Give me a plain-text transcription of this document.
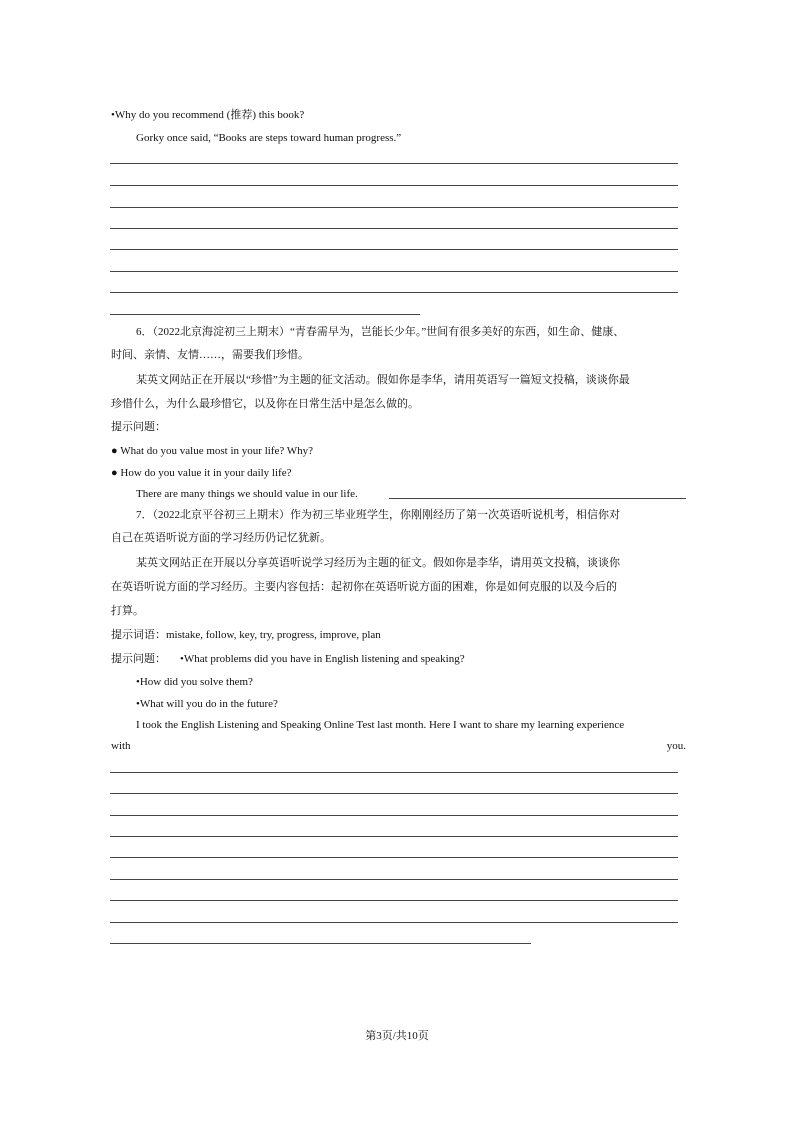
•Why do you recommend (推荐) this book?
Gorky once said, “Books are steps toward human progress.”
6．（2022北京海淀初三上期末）“青春需早为，岂能长少年。”世间有很多美好的东西，如生命、健康、
时间、亲情、友情……，需要我们珍惜。
某英文网站正在开展以“珍惜”为主题的征文活动。假如你是李华，请用英语写一篇短文投稿，谈谈你最
珍惜什么，为什么最珍惜它，以及你在日常生活中是怎么做的。
提示问题：
● What do you value most in your life? Why?
● How do you value it in your daily life?
There are many things we should value in our life.
7．（2022北京平谷初三上期末）作为初三毕业班学生，你刚刚经历了第一次英语听说机考，相信你对
自己在英语听说方面的学习经历仍记忆犹新。
某英文网站正在开展以分享英语听说学习经历为主题的征文。假如你是李华，请用英文投稿，谈谈你
在英语听说方面的学习经历。主要内容包括：起初你在英语听说方面的困难，你是如何克服的以及今后的
打算。
提示词语：mistake, follow, key, try, progress, improve, plan
提示问题： •What problems did you have in English listening and speaking?
•How did you solve them?
•What will you do in the future?
I took the English Listening and Speaking Online Test last month. Here I want to share my learning experience
with	you.
第3页/共10页
